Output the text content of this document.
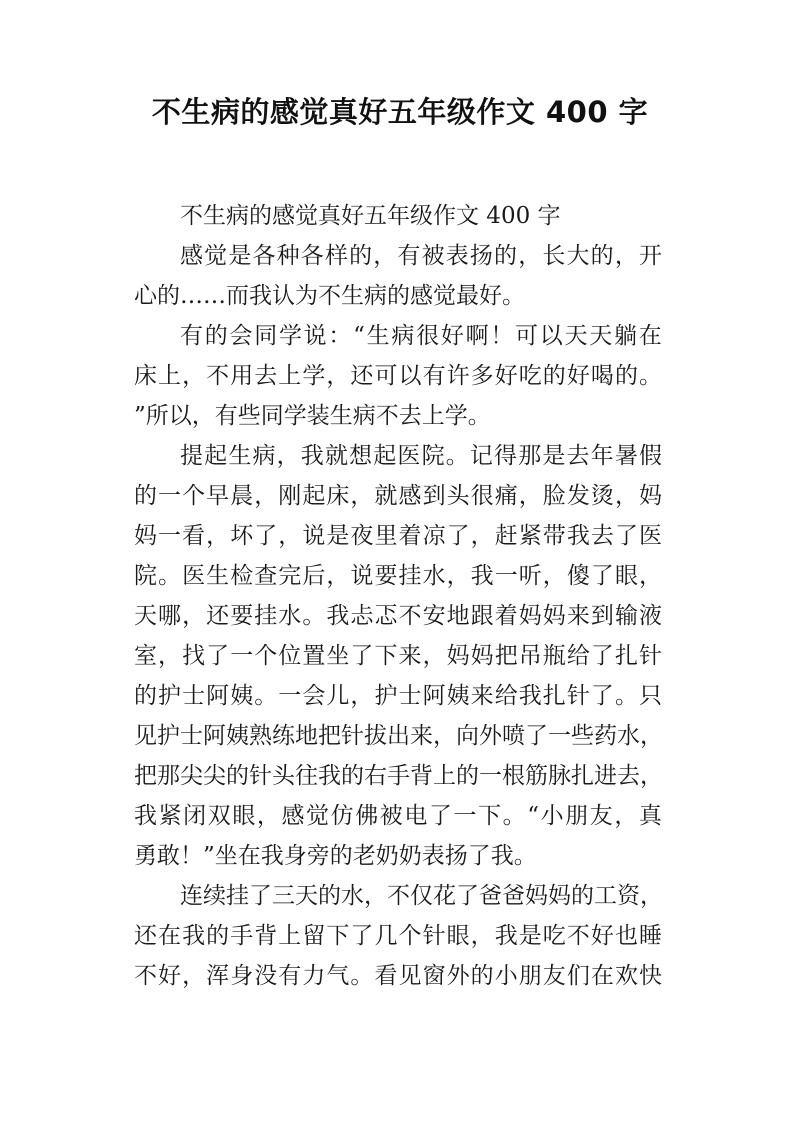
不生病的感觉真好五年级作文 400 字
不生病的感觉真好五年级作文 400 字
感 觉 是 各 种 各 样 的 ， 有 被 表 扬 的 ， 长 大 的 ， 开
心的……而我认为不生病的感觉最好。
有 的 会 同 学 说 ： “ 生 病 很 好 啊 ！ 可 以 天 天 躺 在
床 上 ， 不 用 去 上 学 ， 还 可 以 有 许 多 好 吃 的 好 喝 的 。
”所以，有些同学装生病不去上学。
提 起 生 病 ， 我 就 想 起 医 院 。 记 得 那 是 去 年 暑 假
的 一 个 早 晨 ， 刚 起 床 ， 就 感 到 头 很 痛 ， 脸 发 烫 ， 妈
妈 一 看 ， 坏 了 ， 说 是 夜 里 着 凉 了 ， 赶 紧 带 我 去 了 医
院 。 医 生 检 查 完 后 ， 说 要 挂 水 ， 我 一 听 ， 傻 了 眼 ，
天 哪 ， 还 要 挂 水 。 我 忐 忑 不 安 地 跟 着 妈 妈 来 到 输 液
室 ， 找 了 一 个 位 置 坐 了 下 来 ， 妈 妈 把 吊 瓶 给 了 扎 针
的 护 士 阿 姨 。 一 会 儿 ， 护 士 阿 姨 来 给 我 扎 针 了 。 只
见 护 士 阿 姨 熟 练 地 把 针 拔 出 来 ， 向 外 喷 了 一 些 药 水 ，
把 那 尖 尖 的 针 头 往 我 的 右 手 背 上 的 一 根 筋 脉 扎 进 去 ，
我 紧 闭 双 眼 ， 感 觉 仿 佛 被 电 了 一 下 。 “ 小 朋 友 ， 真
勇敢！”坐在我身旁的老奶奶表扬了我。
连 续 挂 了 三 天 的 水 ， 不 仅 花 了 爸 爸 妈 妈 的 工 资 ，
还 在 我 的 手 背 上 留 下 了 几 个 针 眼 ， 我 是 吃 不 好 也 睡
不 好 ， 浑 身 没 有 力 气 。 看 见 窗 外 的 小 朋 友 们 在 欢 快
